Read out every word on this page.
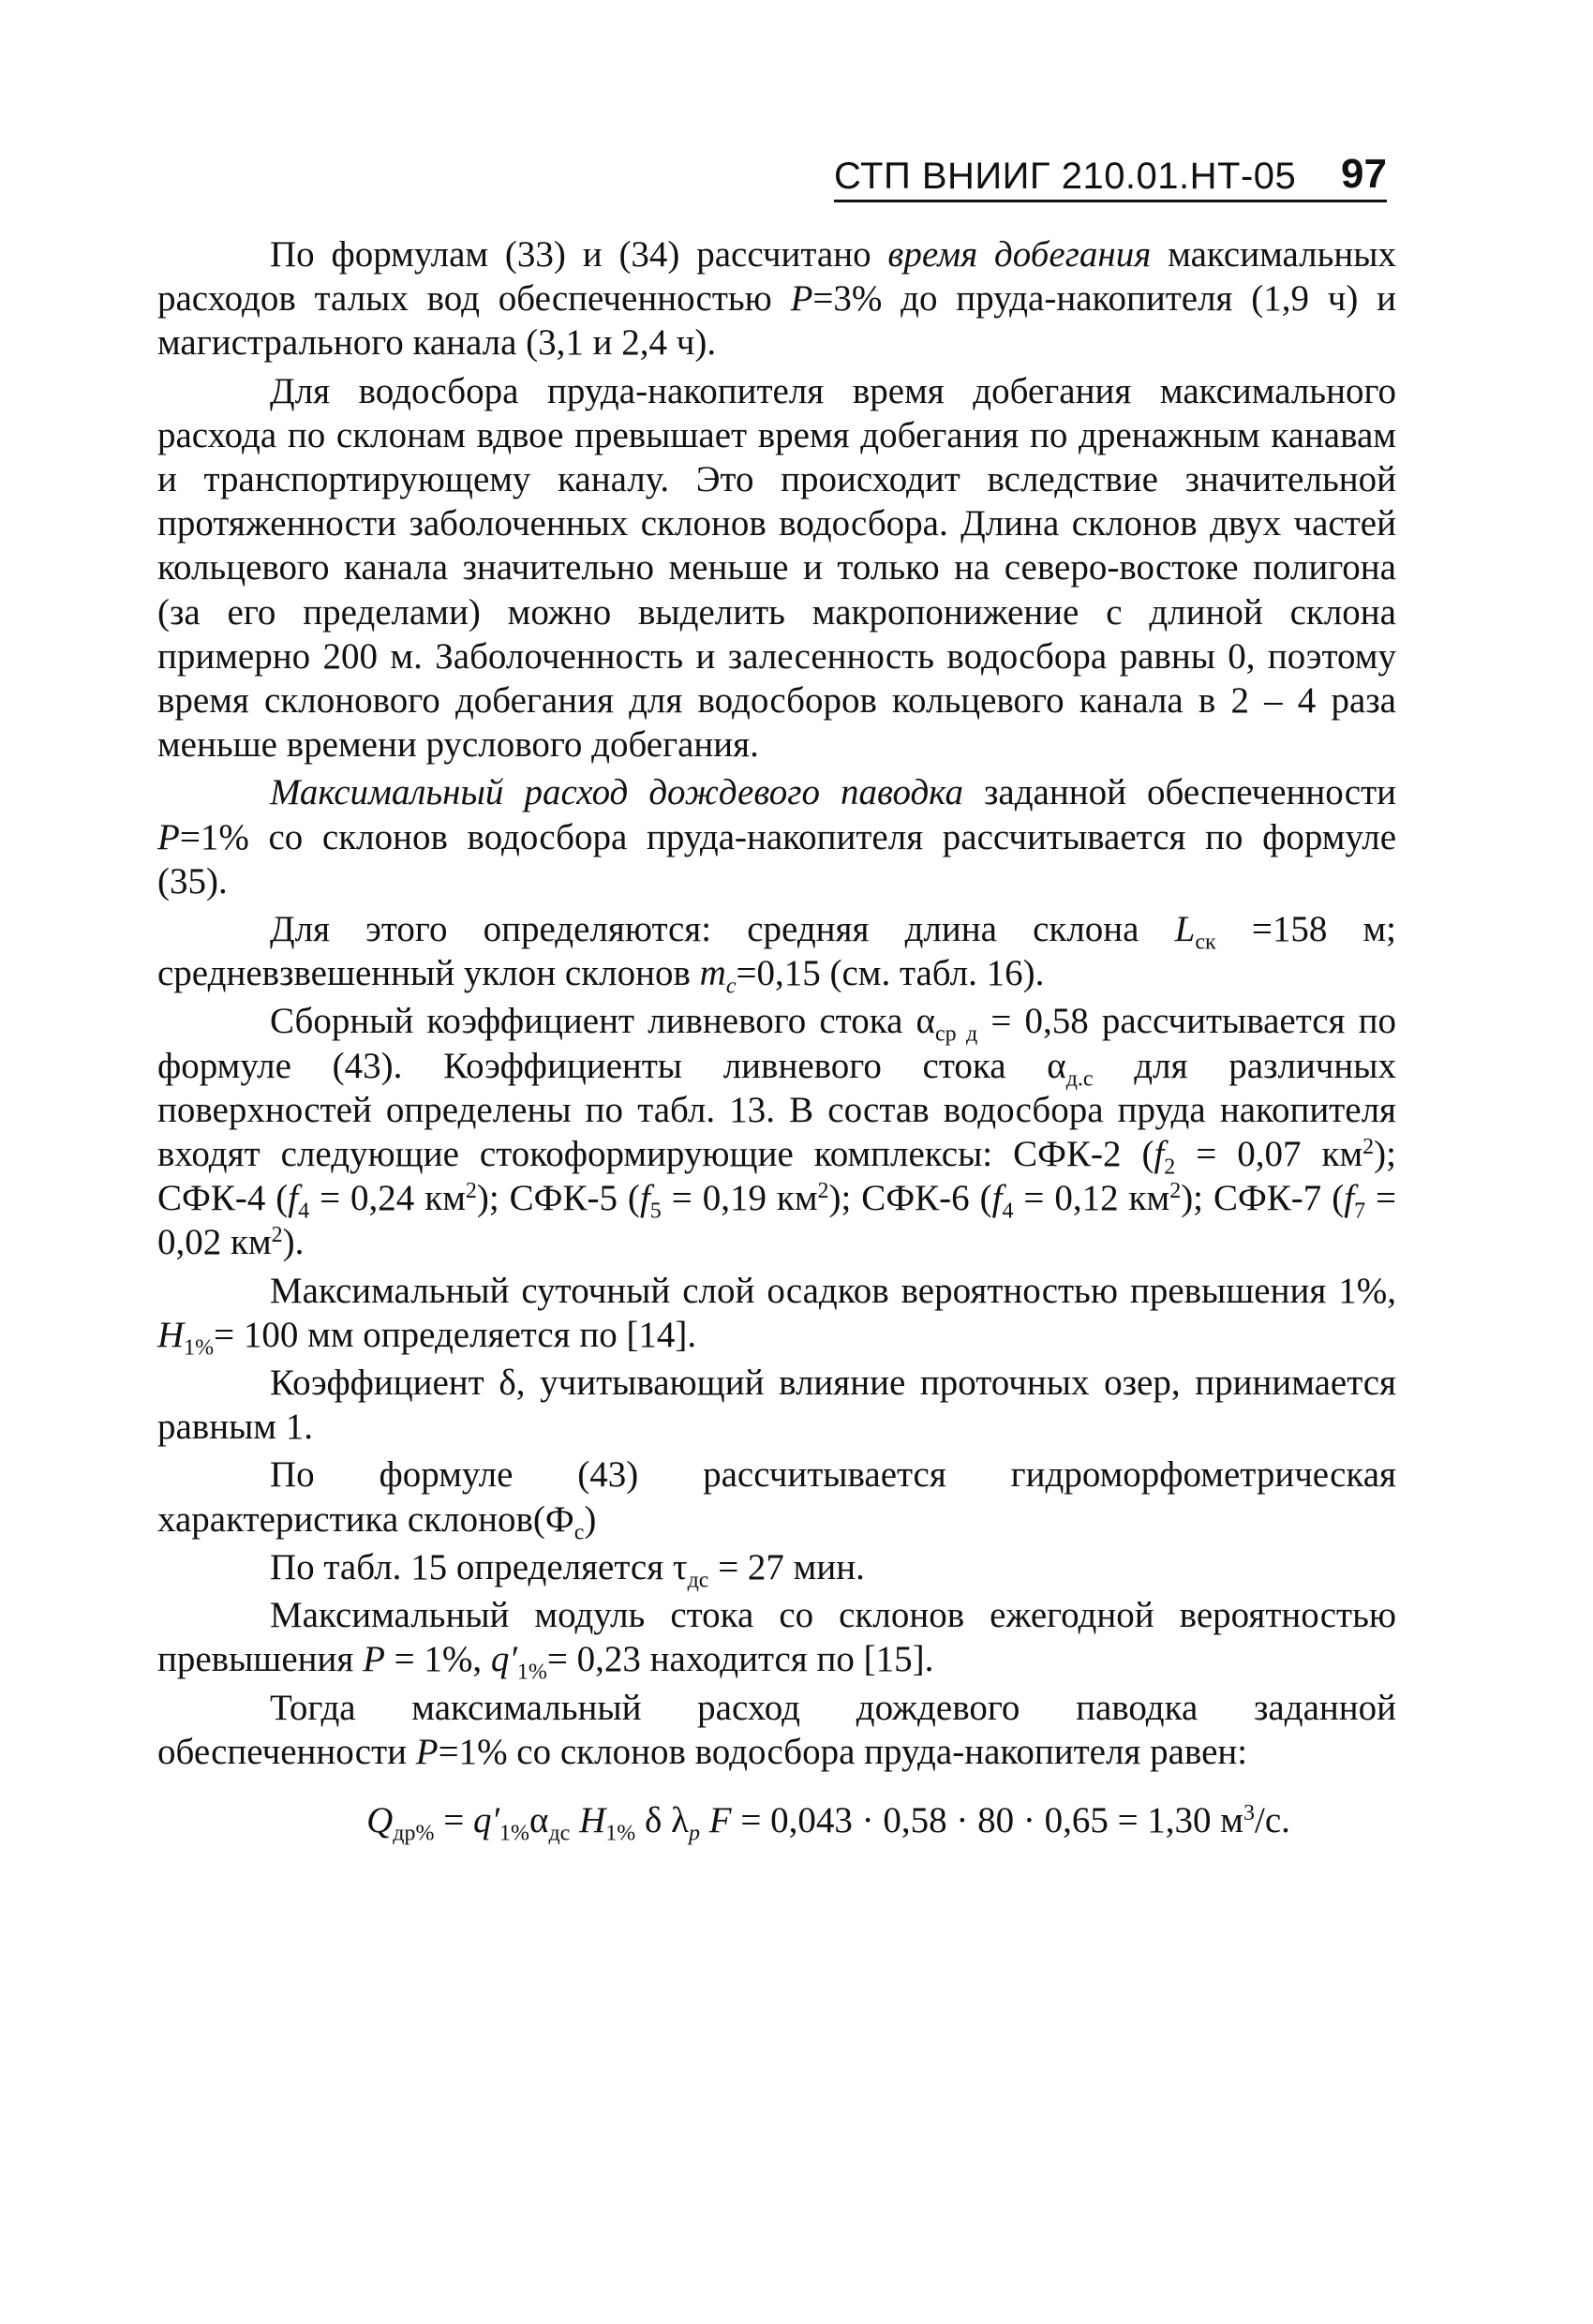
СТП ВНИИГ 210.01.НТ-05 97

По формулам (33) и (34) рассчитано время добегания максимальных расходов талых вод обеспеченностью P=3% до пруда-накопителя (1,9 ч) и магистрального канала (3,1 и 2,4 ч).

Для водосбора пруда-накопителя время добегания максимального расхода по склонам вдвое превышает время добегания по дренажным канавам и транспортирующему каналу. Это происходит вследствие значительной протяженности заболоченных склонов водосбора. Длина склонов двух частей кольцевого канала значительно меньше и только на северо-востоке полигона (за его пределами) можно выделить макропонижение с длиной склона примерно 200 м. Заболоченность и залесенность водосбора равны 0, поэтому время склонового добегания для водосборов кольцевого канала в 2 – 4 раза меньше времени руслового добегания.

Максимальный расход дождевого паводка заданной обеспеченности P=1% со склонов водосбора пруда-накопителя рассчитывается по формуле (35).

Для этого определяются: средняя длина склона $L_{ск} =158$ м; средневзвешенный уклон склонов $m_c=0,15$ (см. табл. 16).

Сборный коэффициент ливневого стока $\alpha_{ср д} = 0,58$ рассчитывается по формуле (43). Коэффициенты ливневого стока $\alpha_{д.с}$ для различных поверхностей определены по табл. 13. В состав водосбора пруда накопителя входят следующие стокоформирующие комплексы: СФК-2 ($f_2 = 0,07$ $км^2$); СФК-4 ($f_4 = 0,24$ $км^2$); СФК-5 ($f_5 = 0,19$ $км^2$); СФК-6 ($f_4 = 0,12$ $км^2$); СФК-7 ($f_7 = 0,02$ $км^2$).

Максимальный суточный слой осадков вероятностью превышения 1%, $H_{1\%}= 100$ мм определяется по [14].

Коэффициент δ, учитывающий влияние проточных озер, принимается равным 1.

По формуле (43) рассчитывается гидроморфометрическая характеристика $склонов(Ф_с)$

По табл. 15 определяется $\tau_{дс} = 27$ мин.

Максимальный модуль стока со склонов ежегодной вероятностью превышения P = 1%, $q'_{1\%}= 0,23$ находится по [15].

Тогда максимальный расход дождевого паводка заданной обеспеченности P=1% со склонов водосбора пруда-накопителя равен:

$Q_{др\%} = q'_{1\%}\alpha_{дс}$ $H_{1\%}$ δ $\lambda_p$ F = 0,043 · 0,58 · 80 · 0,65 = 1,30 $м^3/с$.
